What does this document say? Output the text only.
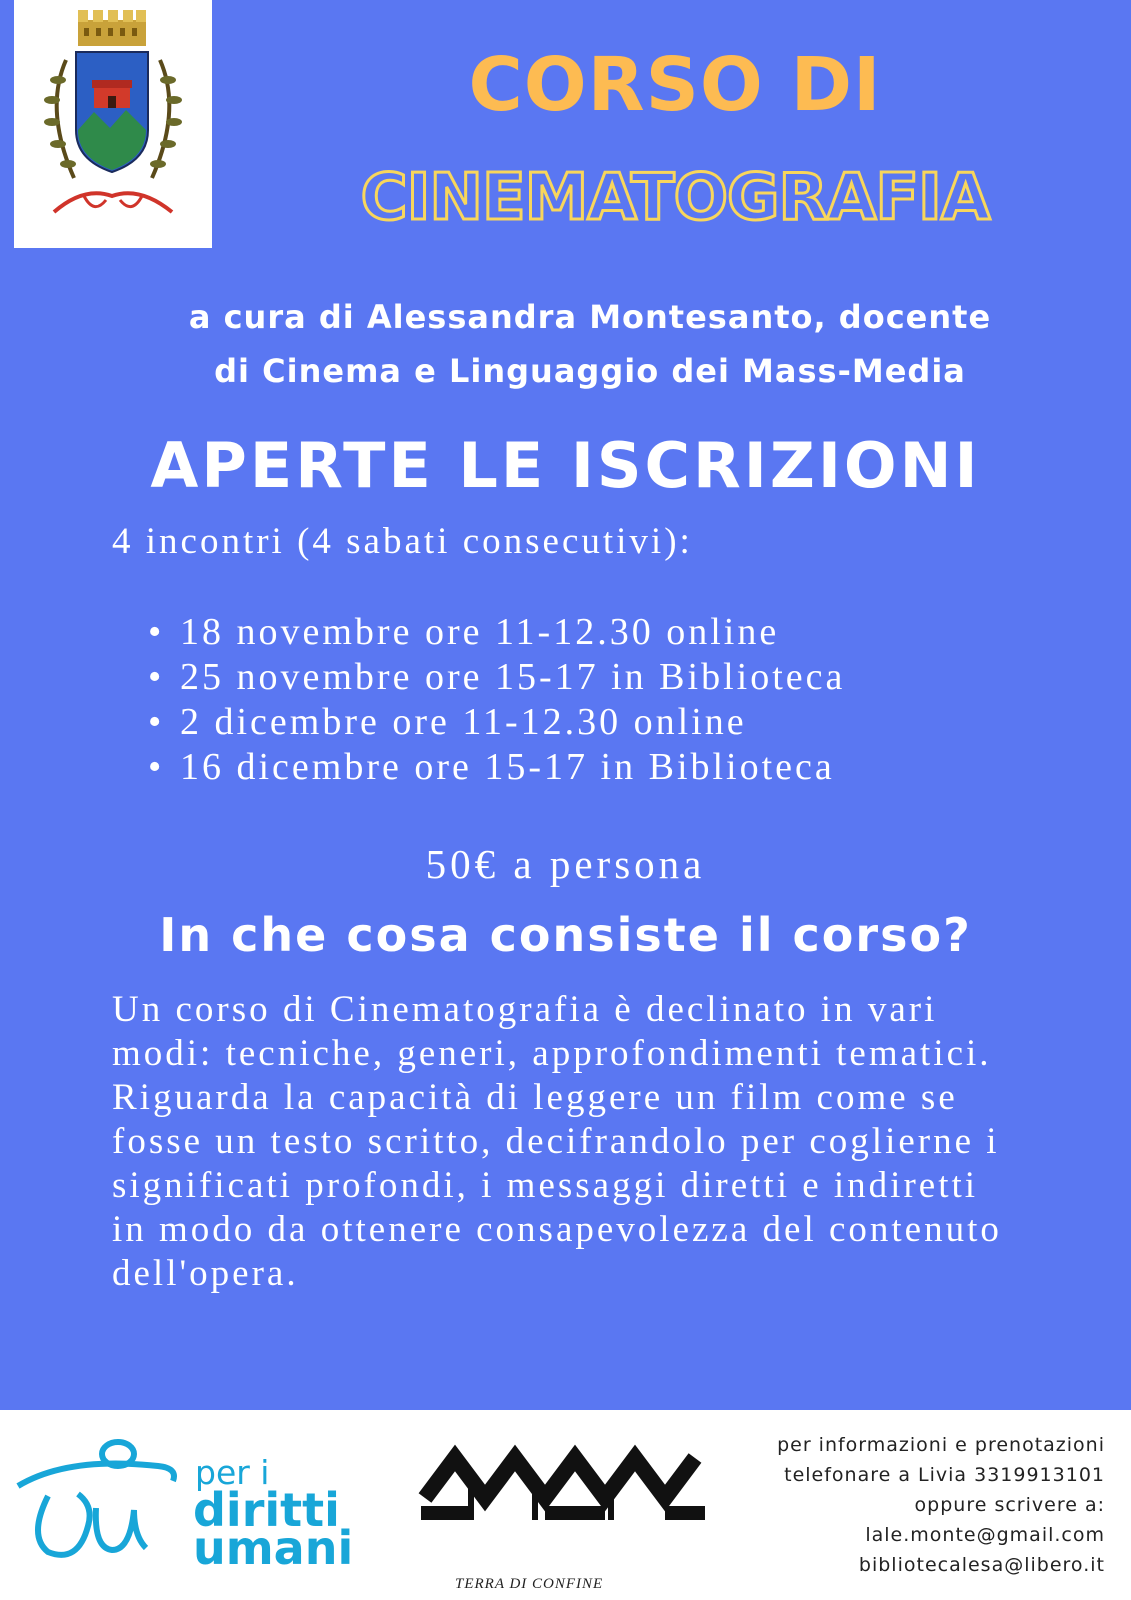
CORSO DI
CINEMATOGRAFIA
a cura di Alessandra Montesanto, docente
di Cinema e Linguaggio dei Mass-Media
APERTE LE ISCRIZIONI
4 incontri (4 sabati consecutivi):
• 18 novembre ore 11-12.30 online
• 25 novembre ore 15-17 in Biblioteca
• 2 dicembre ore 11-12.30 online
• 16 dicembre ore 15-17 in Biblioteca
50€ a persona
In che cosa consiste il corso?

Un corso di Cinematografia è declinato in vari modi: tecniche, generi, approfondimenti tematici.

Riguarda la capacità di leggere un film come se fosse un testo scritto, decifrandolo per coglierne i significati profondi, i messaggi diretti e indiretti in modo da ottenere consapevolezza del contenuto dell'opera.

per i
diritti
umani
TERRA DI CONFINE
per informazioni e prenotazioni
telefonare a Livia 3319913101
oppure scrivere a:
lale.monte@gmail.com
bibliotecalesa@libero.it
